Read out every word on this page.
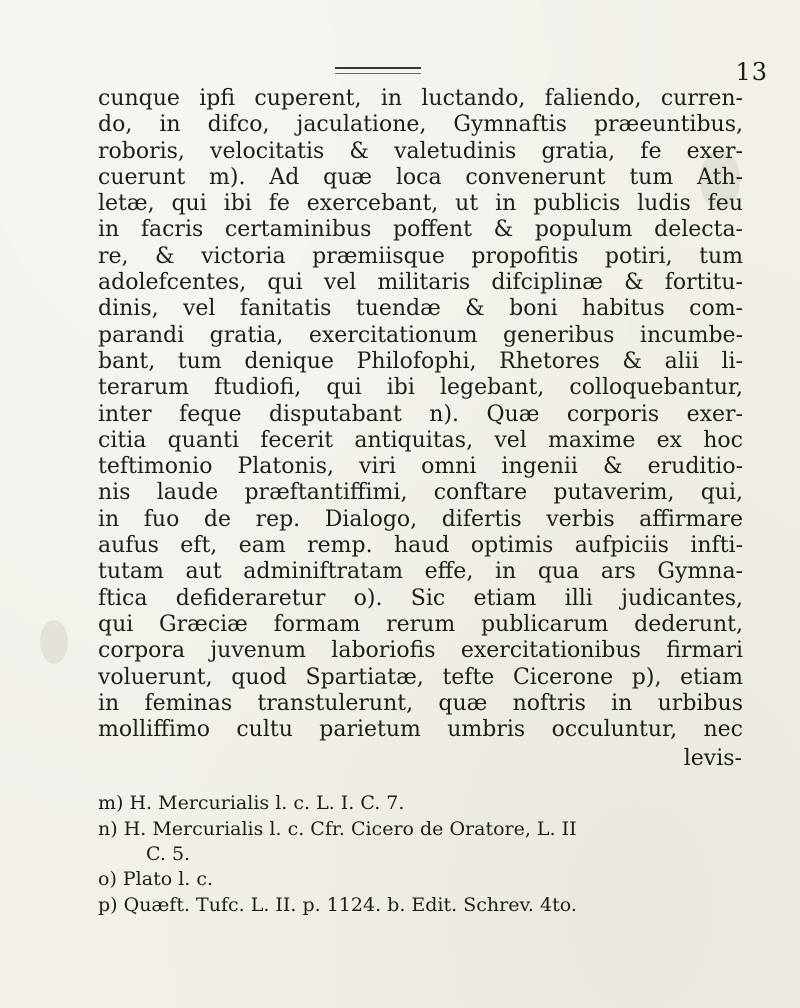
13
cunque ipfi cuperent, in luctando, faliendo, curren-
do, in difco, jaculatione, Gymnaftis præeuntibus,
roboris, velocitatis & valetudinis gratia, fe exer-
cuerunt m). Ad quæ loca convenerunt tum Ath-
letæ, qui ibi fe exercebant, ut in publicis ludis feu
in facris certaminibus poffent & populum delecta-
re, & victoria præmiisque propofitis potiri, tum
adolefcentes, qui vel militaris difciplinæ & fortitu-
dinis, vel fanitatis tuendæ & boni habitus com-
parandi gratia, exercitationum generibus incumbe-
bant, tum denique Philofophi, Rhetores & alii li-
terarum ftudiofi, qui ibi legebant, colloquebantur,
inter feque disputabant n). Quæ corporis exer-
citia quanti fecerit antiquitas, vel maxime ex hoc
teftimonio Platonis, viri omni ingenii & eruditio-
nis laude præftantiffimi, conftare putaverim, qui,
in fuo de rep. Dialogo, difertis verbis affirmare
aufus eft, eam remp. haud optimis aufpiciis infti-
tutam aut adminiftratam effe, in qua ars Gymna-
ftica defideraretur o). Sic etiam illi judicantes,
qui Græciæ formam rerum publicarum dederunt,
corpora juvenum laboriofis exercitationibus firmari
voluerunt, quod Spartiatæ, tefte Cicerone p), etiam
in feminas transtulerunt, quæ noftris in urbibus
molliffimo cultu parietum umbris occuluntur, nec
levis-
m) H. Mercurialis l. c. L. I. C. 7.
n) H. Mercurialis l. c. Cfr. Cicero de Oratore, L. II
C. 5.
o) Plato l. c.
p) Quæft. Tufc. L. II. p. 1124. b. Edit. Schrev. 4to.
